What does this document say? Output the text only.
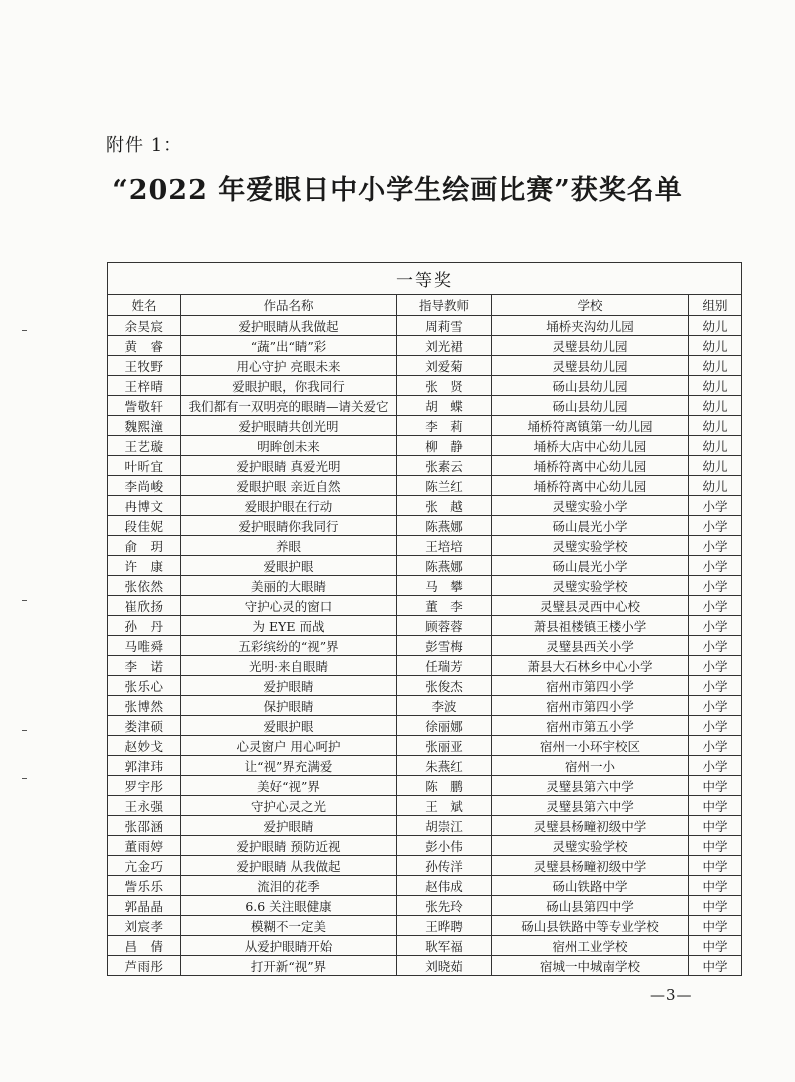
附件 1：
“2022 年爱眼日中小学生绘画比赛”获奖名单
一等奖				
姓名	作品名称	指导教师	学校	组别
余昊宸	爱护眼睛从我做起	周莉雪	埇桥夹沟幼儿园	幼儿
黄　睿	“蔬”出“睛”彩	刘光裙	灵璧县幼儿园	幼儿
王牧野	用心守护 亮眼未来	刘爱菊	灵璧县幼儿园	幼儿
王梓晴	爱眼护眼，你我同行	张　贤	砀山县幼儿园	幼儿
訾敬轩	我们都有一双明亮的眼睛—请关爱它	胡　蝶	砀山县幼儿园	幼儿
魏熙潼	爱护眼睛共创光明	李　莉	埇桥符离镇第一幼儿园	幼儿
王艺璇	明眸创未来	柳　静	埇桥大店中心幼儿园	幼儿
叶昕宜	爱护眼睛 真爱光明	张素云	埇桥符离中心幼儿园	幼儿
李尚峻	爱眼护眼 亲近自然	陈兰红	埇桥符离中心幼儿园	幼儿
冉博文	爱眼护眼在行动	张　越	灵璧实验小学	小学
段佳妮	爱护眼睛你我同行	陈燕娜	砀山晨光小学	小学
俞　玥	养眼	王培培	灵璧实验学校	小学
许　康	爱眼护眼	陈燕娜	砀山晨光小学	小学
张依然	美丽的大眼睛	马　攀	灵璧实验学校	小学
崔欣扬	守护心灵的窗口	董　李	灵璧县灵西中心校	小学
孙　丹	为 EYE 而战	顾蓉蓉	萧县祖楼镇王楼小学	小学
马唯舜	五彩缤纷的“视”界	彭雪梅	灵璧县西关小学	小学
李　诺	光明·来自眼睛	任瑞芳	萧县大石林乡中心小学	小学
张乐心	爱护眼睛	张俊杰	宿州市第四小学	小学
张博然	保护眼睛	李波	宿州市第四小学	小学
娄津硕	爱眼护眼	徐丽娜	宿州市第五小学	小学
赵妙戈	心灵窗户 用心呵护	张丽亚	宿州一小环宇校区	小学
郭津玮	让“视”界充满爱	朱燕红	宿州一小	小学
罗宇彤	美好“视”界	陈　鹏	灵璧县第六中学	中学
王永强	守护心灵之光	王　斌	灵璧县第六中学	中学
张邵涵	爱护眼睛	胡崇江	灵璧县杨疃初级中学	中学
董雨婷	爱护眼睛 预防近视	彭小伟	灵璧实验学校	中学
亢金巧	爱护眼睛 从我做起	孙传洋	灵璧县杨疃初级中学	中学
訾乐乐	流泪的花季	赵伟成	砀山铁路中学	中学
郭晶晶	6.6 关注眼健康	张先玲	砀山县第四中学	中学
刘宸孝	模糊不一定美	王晔聘	砀山县铁路中等专业学校	中学
昌　倩	从爱护眼睛开始	耿军福	宿州工业学校	中学
芦雨彤	打开新“视”界	刘晓茹	宿城一中城南学校	中学
—3—
